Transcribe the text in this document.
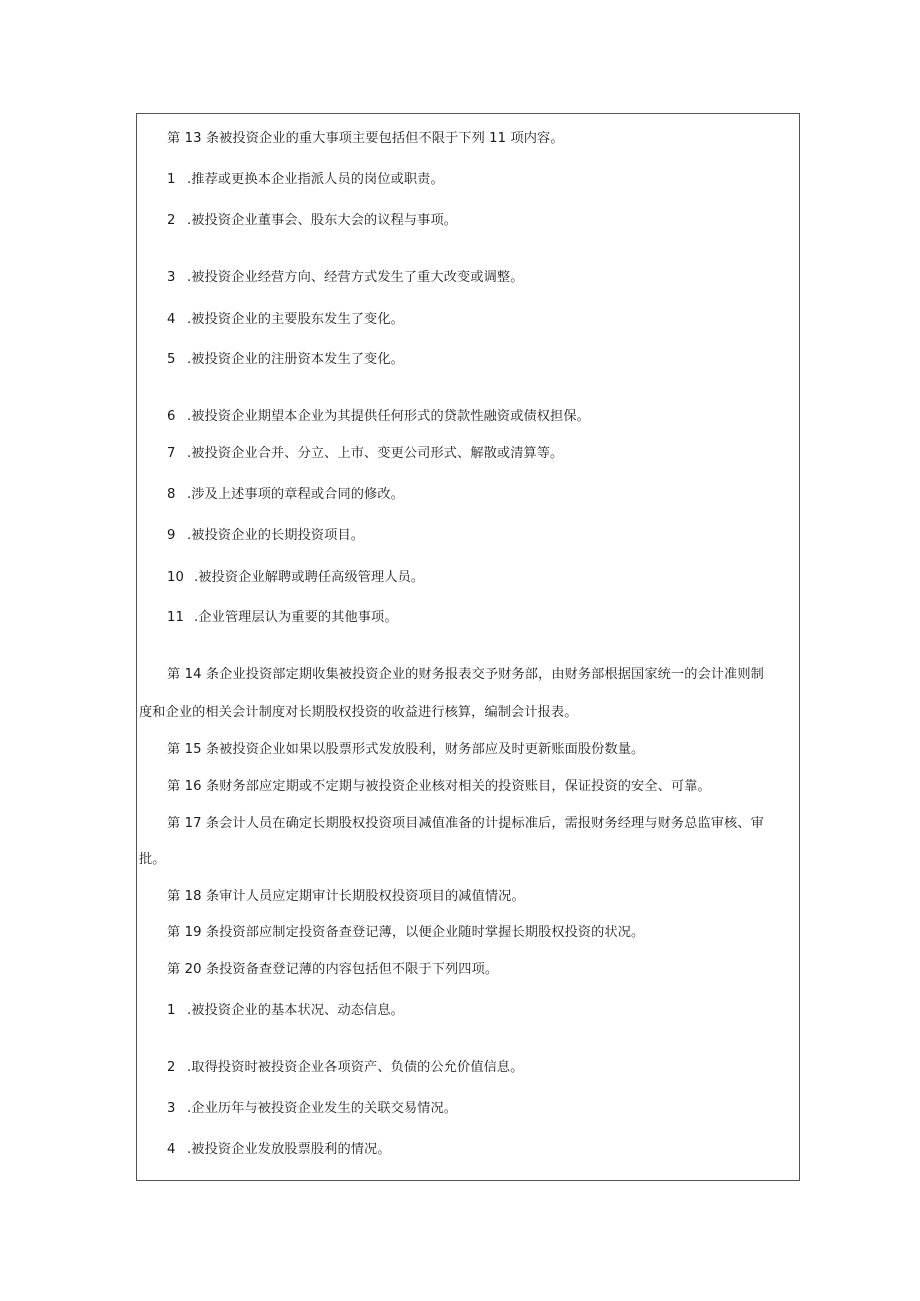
第 13 条被投资企业的重大事项主要包括但不限于下列 11 项内容。
1 .推荐或更换本企业指派人员的岗位或职责。
2 .被投资企业董事会、股东大会的议程与事项。
3 .被投资企业经营方向、经营方式发生了重大改变或调整。
4 .被投资企业的主要股东发生了变化。
5 .被投资企业的注册资本发生了变化。
6 .被投资企业期望本企业为其提供任何形式的贷款性融资或债权担保。
7 .被投资企业合并、分立、上市、变更公司形式、解散或清算等。
8 .涉及上述事项的章程或合同的修改。
9 .被投资企业的长期投资项目。
10 .被投资企业解聘或聘任高级管理人员。
11 .企业管理层认为重要的其他事项。
第 14 条企业投资部定期收集被投资企业的财务报表交予财务部，由财务部根据国家统一的会计准则制
度和企业的相关会计制度对长期股权投资的收益进行核算，编制会计报表。
第 15 条被投资企业如果以股票形式发放股利，财务部应及时更新账面股份数量。
第 16 条财务部应定期或不定期与被投资企业核对相关的投资账目，保证投资的安全、可靠。
第 17 条会计人员在确定长期股权投资项目减值准备的计提标准后，需报财务经理与财务总监审核、审
批。
第 18 条审计人员应定期审计长期股权投资项目的减值情况。
第 19 条投资部应制定投资备查登记薄，以便企业随时掌握长期股权投资的状况。
第 20 条投资备查登记薄的内容包括但不限于下列四项。
1 .被投资企业的基本状况、动态信息。
2 .取得投资时被投资企业各项资产、负债的公允价值信息。
3 .企业历年与被投资企业发生的关联交易情况。
4 .被投资企业发放股票股利的情况。
